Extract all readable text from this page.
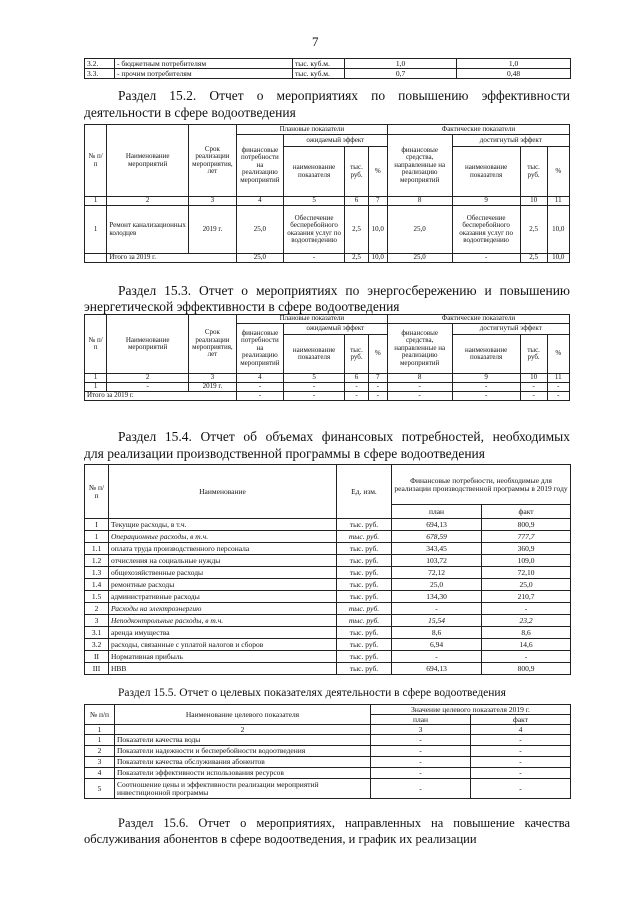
7
3.2.	- бюджетным потребителям	тыс. куб.м.	1,0	1,0
3.3.	- прочим потребителям	тыс. куб.м.	0,7	0,48
Раздел 15.2. Отчет о мероприятиях по повышению эффективности
деятельности в сфере водоотведения
№ п/ п	Наименование мероприятий	Срок реализации мероприятия, лет	Плановые показатели				Фактические показатели			
			финансовые потребности на реализацию мероприятий	ожидаемый эффект			финансовые средства, направленные на реализацию мероприятий	достигнутый эффект		
				наименование показателя	тыс. руб.	%		наименование показателя	тыс. руб.	%
1	2	3	4	5	6	7	8	9	10	11
1	Ремонт канализационных колодцев	2019 г.	25,0	Обеспечение бесперебойного оказания услуг по водоотведению	2,5	10,0	25,0	Обеспечение бесперебойного оказания услуг по водоотведению	2,5	10,0
	Итого за 2019 г.		25,0	-	2,5	10,0	25,0	-	2,5	10,0
Раздел 15.3. Отчет о мероприятиях по энергосбережению и повышению
энергетической эффективности в сфере водоотведения
№ п/ п	Наименование мероприятий	Срок реализации мероприятия, лет	Плановые показатели				Фактические показатели			
			финансовые потребности на реализацию мероприятий	ожидаемый эффект			финансовые средства, направленные на реализацию мероприятий	достигнутый эффект		
				наименование показателя	тыс. руб.	%		наименование показателя	тыс. руб.	%
1	2	3	4	5	6	7	8	9	10	11
1	-	2019 г.	-	-	-	-	-	-	-	-
Итого за 2019 г.			-	-	-	-	-	-	-	-
Раздел 15.4. Отчет об объемах финансовых потребностей, необходимых
для реализации производственной программы в сфере водоотведения
№ п/п	Наименование	Ед. изм.	Финансовые потребности, необходимые для реализации производственной программы в 2019 году	
			план	факт
I	Текущие расходы, в т.ч.	тыс. руб.	694,13	800,9
1	Операционные расходы, в т.ч.	тыс. руб.	678,59	777,7
1.1	оплата труда производственного персонала	тыс. руб.	343,45	360,9
1.2	отчисления на социальные нужды	тыс. руб.	103,72	109,0
1.3	общехозяйственные расходы	тыс. руб.	72,12	72,10
1.4	ремонтные расходы	тыс. руб.	25,0	25,0
1.5	административные расходы	тыс. руб.	134,30	210,7
2	Расходы на электроэнергию	тыс. руб.	-	-
3	Неподконтрольные расходы, в т.ч.	тыс. руб.	15,54	23,2
3.1	аренда имущества	тыс. руб.	8,6	8,6
3.2	расходы, связанные с уплатой налогов и сборов	тыс. руб.	6,94	14,6
II	Нормативная прибыль	тыс. руб.	-	-
III	НВВ	тыс. руб.	694,13	800,9
Раздел 15.5. Отчет о целевых показателях деятельности в сфере водоотведения
№ п/п	Наименование целевого показателя	Значение целевого показателя 2019 г.	
		план	факт
1	2	3	4
1	Показатели качества воды	-	-
2	Показатели надежности и бесперебойности водоотведения	-	-
3	Показатели качества обслуживания абонентов	-	-
4	Показатели эффективности использования ресурсов	-	-
5	Соотношение цены и эффективности реализации мероприятий инвестиционной программы	-	-
Раздел 15.6. Отчет о мероприятиях, направленных на повышение качества
обслуживания абонентов в сфере водоотведения, и график их реализации
